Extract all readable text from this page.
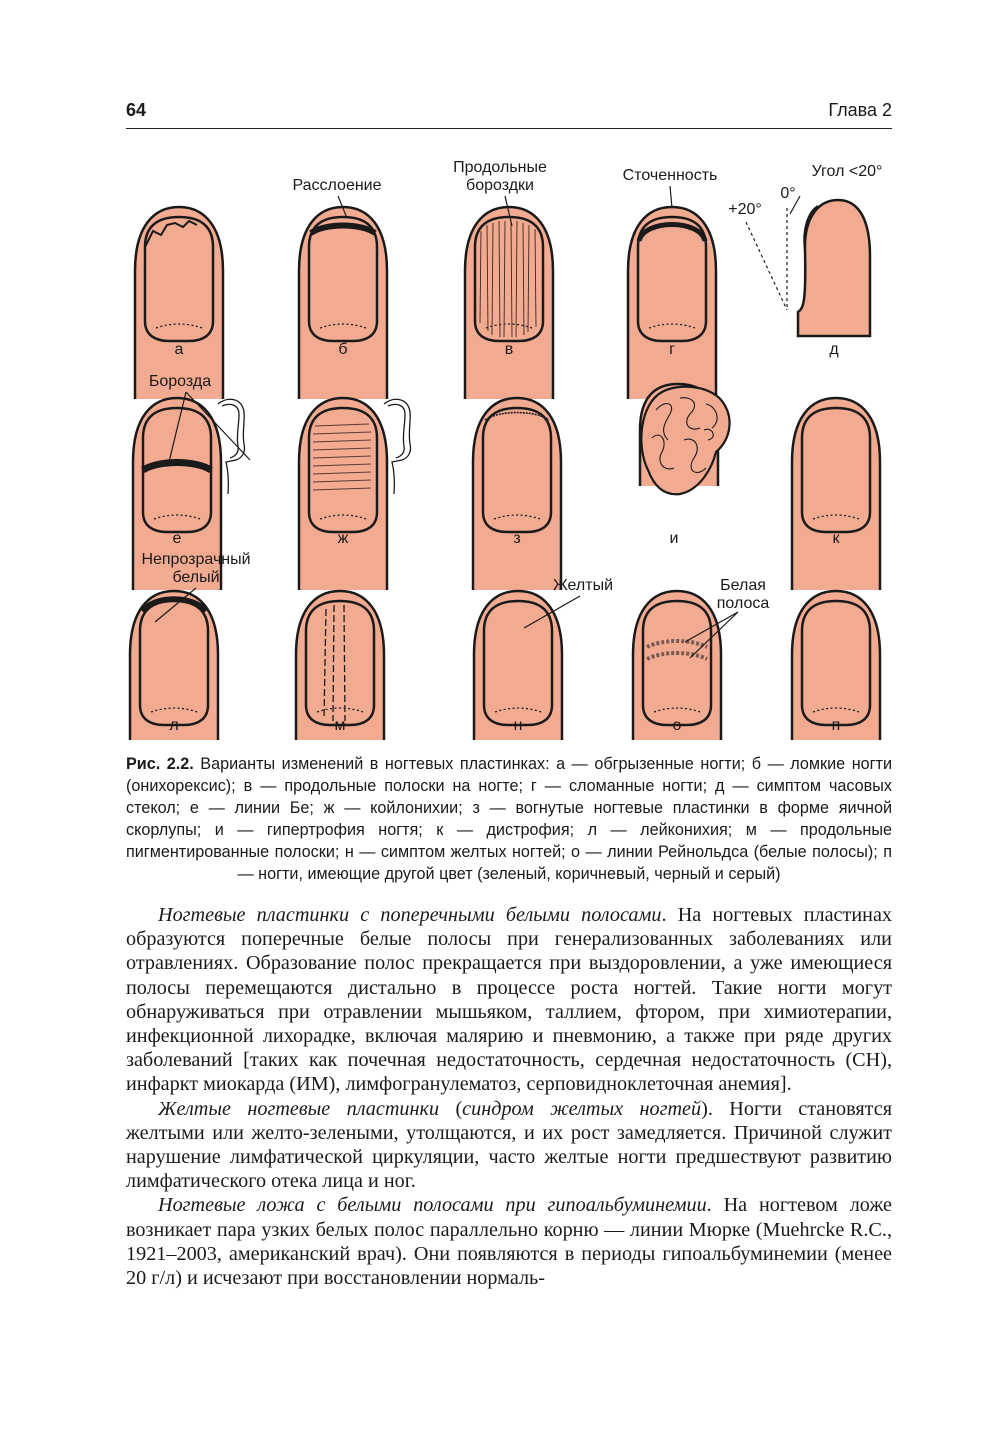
64	Глава 2
Расслоение
Продольные
бороздки
Сточенность	Угол <20°
0°
+20°
Борозда
Непрозрачный
белый	Желтый	Белая
полоса
а	б	в	г	д
е	ж	з	и	к
л	м	н	о	п
Рис. 2.2. Варианты изменений в ногтевых пластинках: а — обгрызенные ногти; б — ломкие ногти (онихорексис); в — продольные полоски на ногте; г — сломанные ногти; д — симптом часовых стекол; е — линии Бе; ж — койлонихии; з — вогнутые ногтевые пластинки в форме яичной скорлупы; и — гипертрофия ногтя; к — дистрофия; л — лейконихия; м — продольные пигментированные полоски; н — симптом желтых ногтей; о — линии Рейнольдса (белые полосы); п — ногти, имеющие другой цвет (зеленый, коричневый, черный и серый)

Ногтевые пластинки с поперечными белыми полосами. На ногтевых пластинах образуются поперечные белые полосы при генерализованных заболеваниях или отравлениях. Образование полос прекращается при выздоровлении, а уже имеющиеся полосы перемещаются дистально в процессе роста ногтей. Такие ногти могут обнаруживаться при отравлении мышьяком, таллием, фтором, при химиотерапии, инфекционной лихорадке, включая малярию и пневмонию, а также при ряде других заболеваний [таких как почечная недостаточность, сердечная недостаточность (СН), инфаркт миокарда (ИМ), лимфогранулематоз, серповидноклеточная анемия].

Желтые ногтевые пластинки (синдром желтых ногтей). Ногти становятся желтыми или желто-зелеными, утолщаются, и их рост замедляется. Причиной служит нарушение лимфатической циркуляции, часто желтые ногти предшествуют развитию лимфатического отека лица и ног.

Ногтевые ложа с белыми полосами при гипоальбуминемии. На ногтевом ложе возникает пара узких белых полос параллельно корню — линии Мюрке (Muehrcke R.C., 1921–2003, американский врач). Они появляются в периоды гипоальбуминемии (менее 20 г/л) и исчезают при восстановлении нормаль-
